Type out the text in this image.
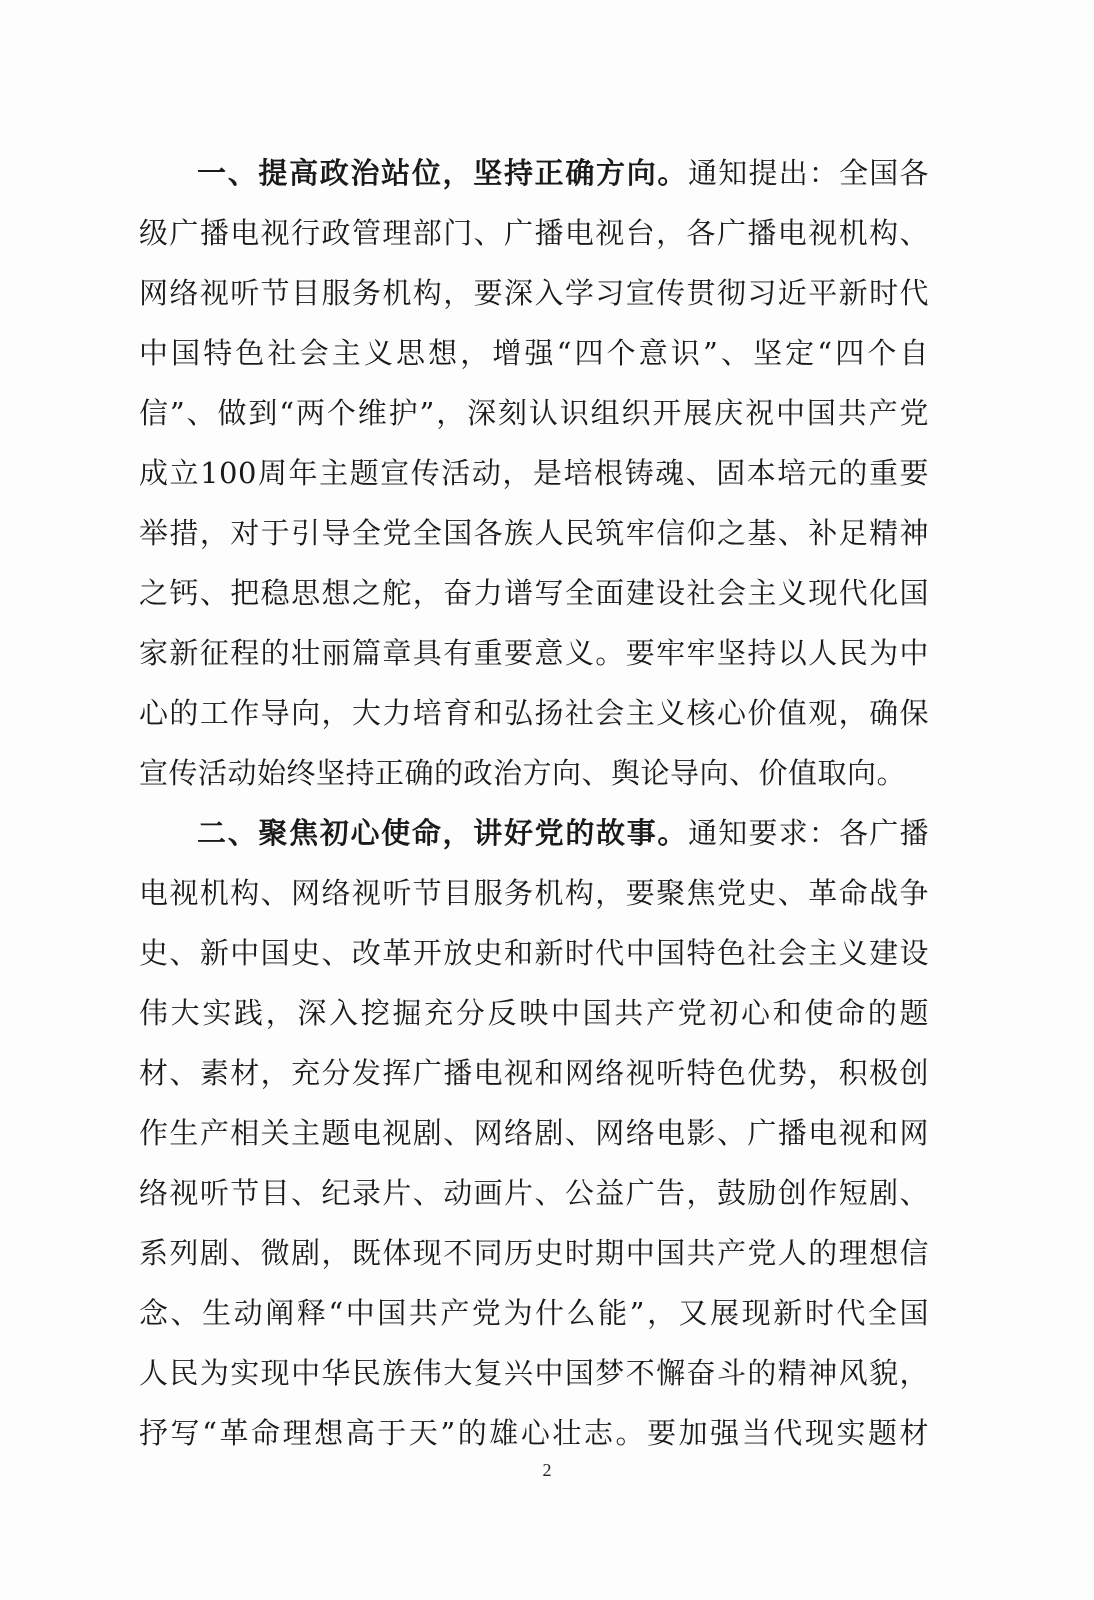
一、提高政治站位，坚持正确方向。通知提出：全国各
级广播电视行政管理部门、广播电视台，各广播电视机构、
网络视听节目服务机构，要深入学习宣传贯彻习近平新时代
中国特色社会主义思想，增强“四个意识”、坚定“四个自
信”、做到“两个维护”，深刻认识组织开展庆祝中国共产党
成立100周年主题宣传活动，是培根铸魂、固本培元的重要
举措，对于引导全党全国各族人民筑牢信仰之基、补足精神
之钙、把稳思想之舵，奋力谱写全面建设社会主义现代化国
家新征程的壮丽篇章具有重要意义。要牢牢坚持以人民为中
心的工作导向，大力培育和弘扬社会主义核心价值观，确保
宣传活动始终坚持正确的政治方向、舆论导向、价值取向。
二、聚焦初心使命，讲好党的故事。通知要求：各广播
电视机构、网络视听节目服务机构，要聚焦党史、革命战争
史、新中国史、改革开放史和新时代中国特色社会主义建设
伟大实践，深入挖掘充分反映中国共产党初心和使命的题
材、素材，充分发挥广播电视和网络视听特色优势，积极创
作生产相关主题电视剧、网络剧、网络电影、广播电视和网
络视听节目、纪录片、动画片、公益广告，鼓励创作短剧、
系列剧、微剧，既体现不同历史时期中国共产党人的理想信
念、生动阐释“中国共产党为什么能”，又展现新时代全国
人民为实现中华民族伟大复兴中国梦不懈奋斗的精神风貌，
抒写“革命理想高于天”的雄心壮志。要加强当代现实题材
2
